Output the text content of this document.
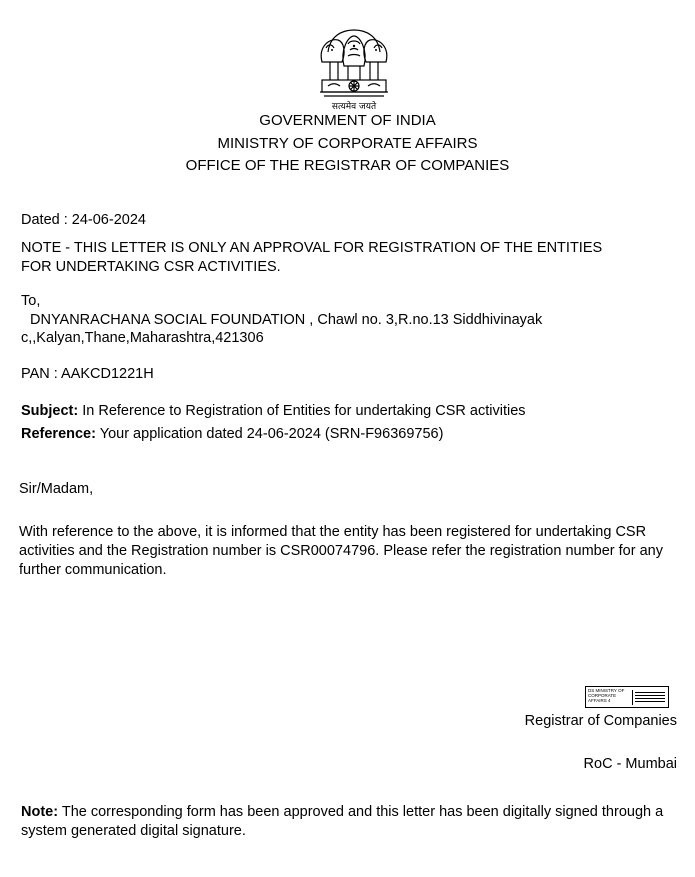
सत्यमेव जयते
GOVERNMENT OF INDIA
MINISTRY OF CORPORATE AFFAIRS
OFFICE OF THE REGISTRAR OF COMPANIES
Dated : 24-06-2024
NOTE - THIS LETTER IS ONLY AN APPROVAL FOR REGISTRATION OF THE ENTITIES FOR UNDERTAKING CSR ACTIVITIES.
To,
DNYANRACHANA SOCIAL FOUNDATION , Chawl no. 3,R.no.13 Siddhivinayak
c,,Kalyan,Thane,Maharashtra,421306
PAN : AAKCD1221H
Subject: In Reference to Registration of Entities for undertaking CSR activities
Reference: Your application dated 24-06-2024 (SRN-F96369756)
Sir/Madam,
With reference to the above, it is informed that the entity has been registered for undertaking CSR activities and the Registration number is CSR00074796. Please refer the registration number for any further communication.
DS MINISTRY OF CORPORATE AFFAIRS 4
Registrar of Companies
RoC - Mumbai
Note: The corresponding form has been approved and this letter has been digitally signed through a system generated digital signature.
